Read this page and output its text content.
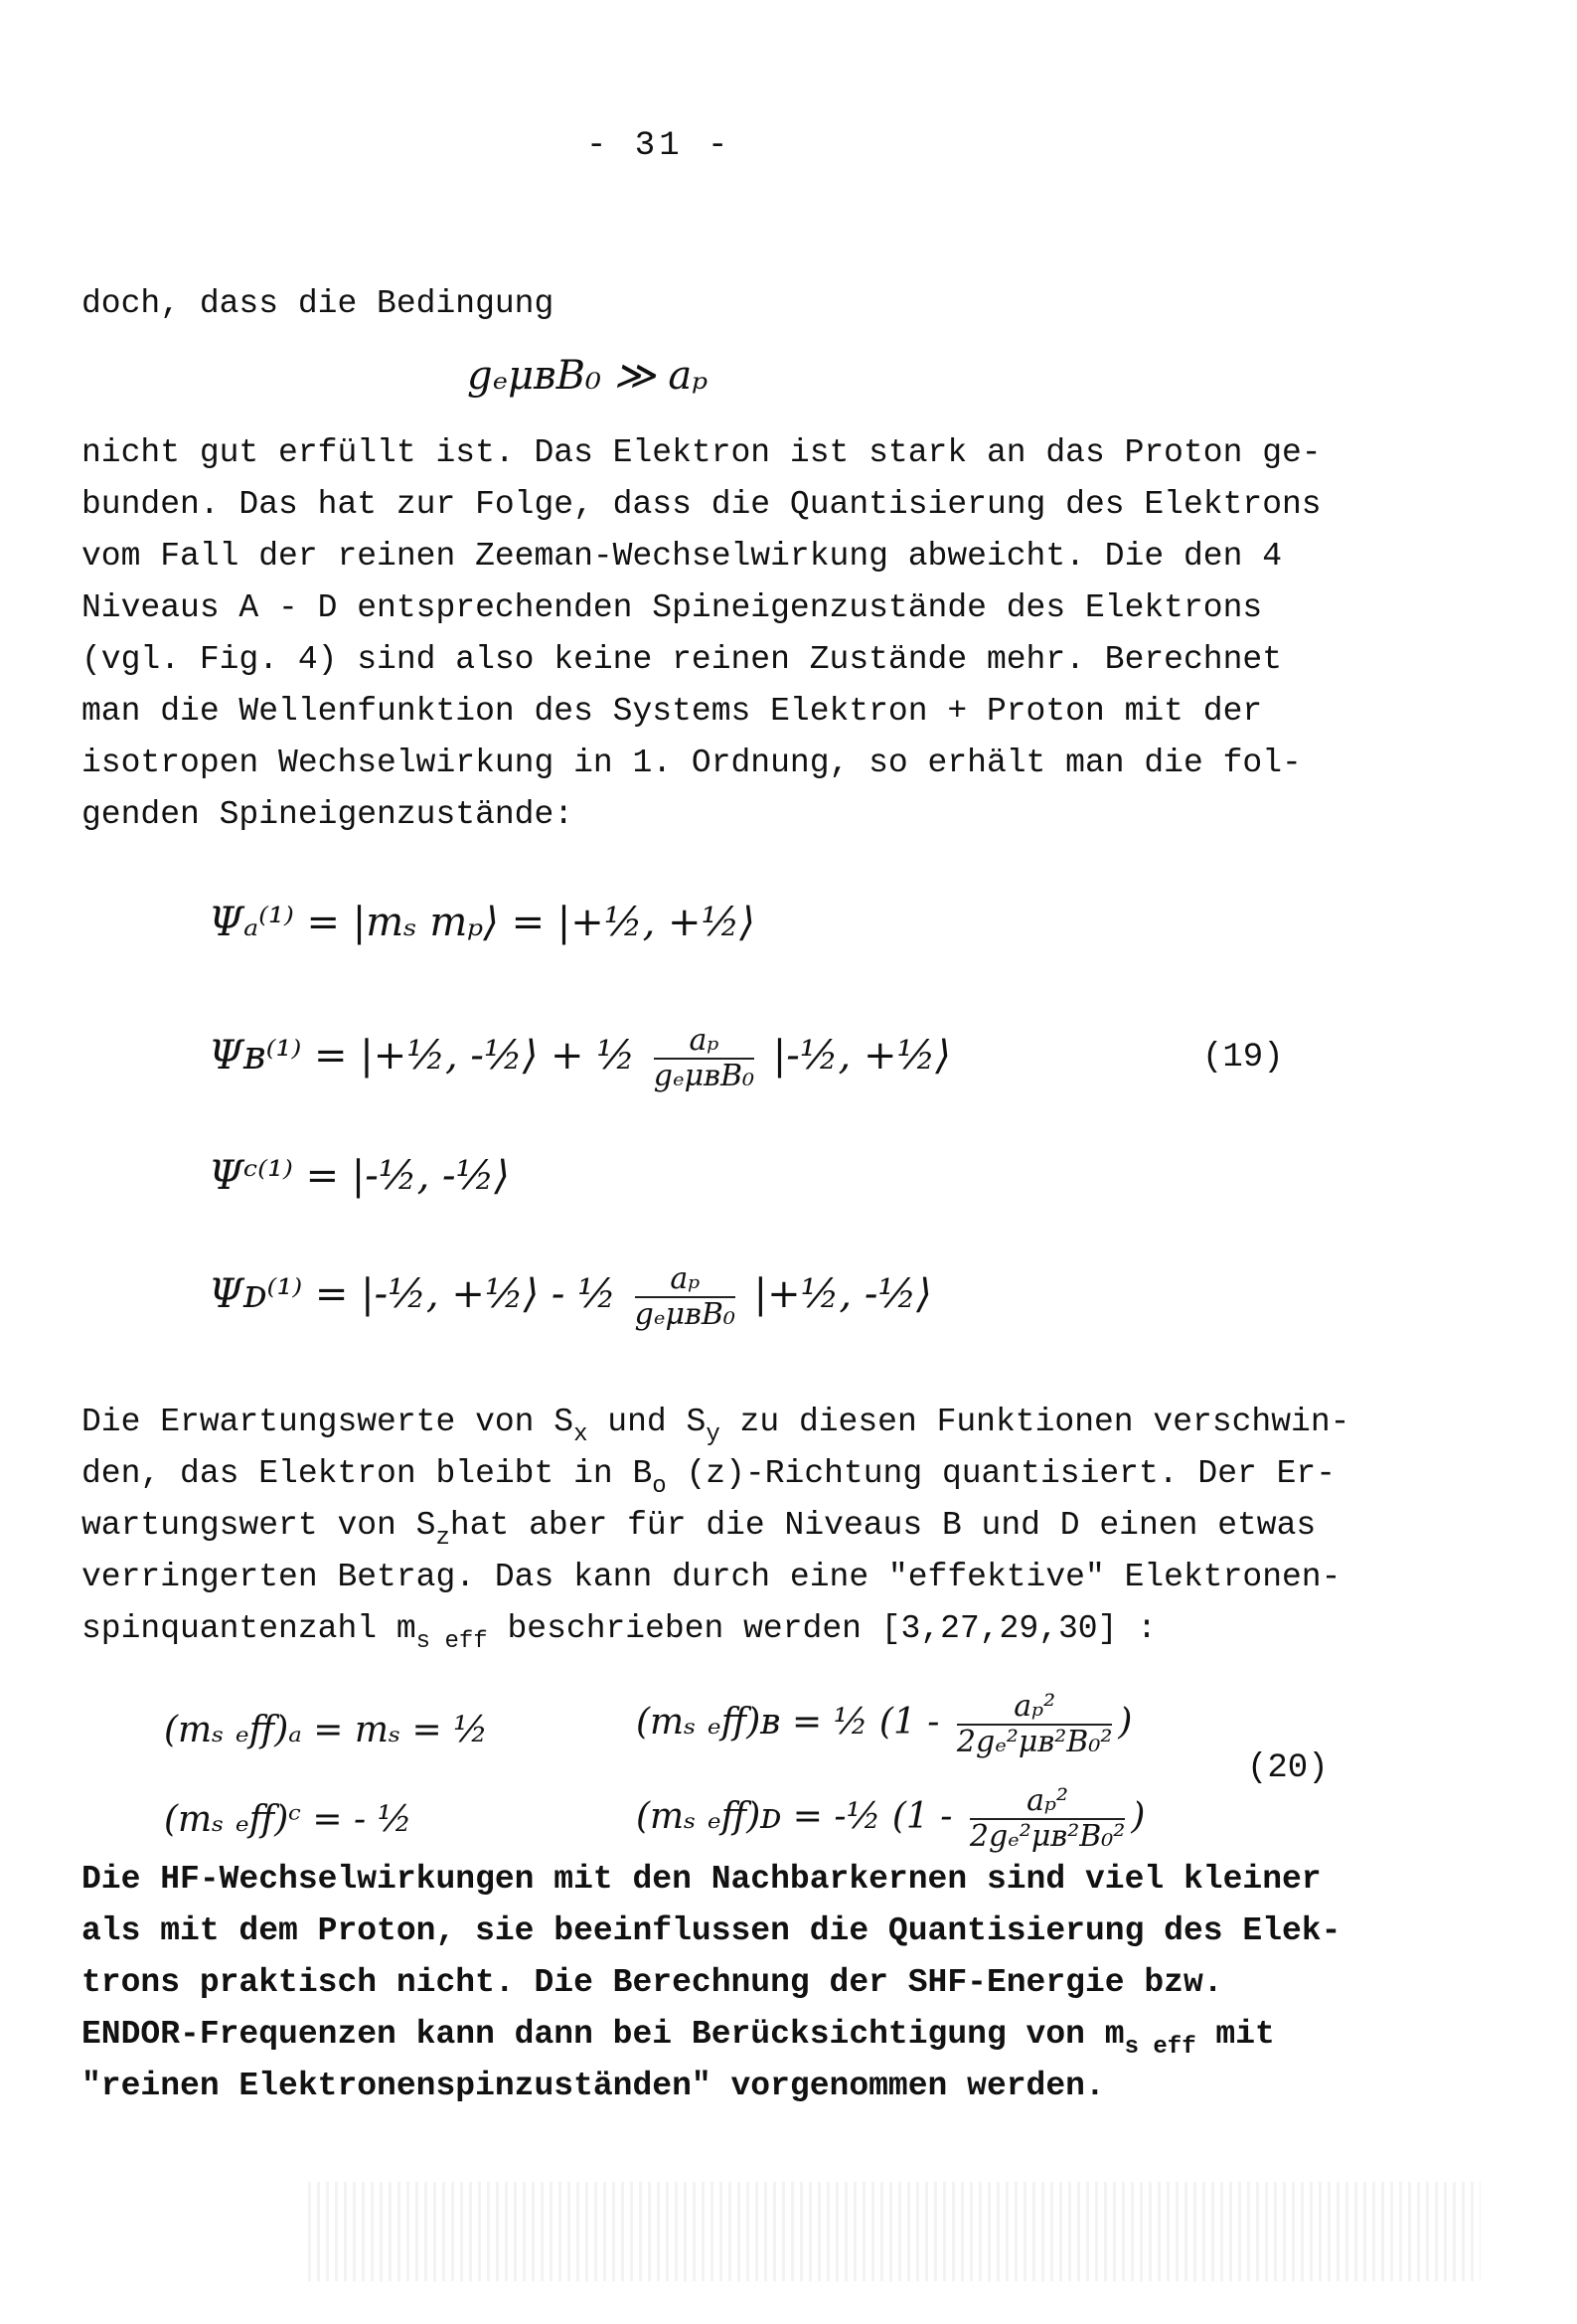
- 31 -
doch, dass die Bedingung
gₑμʙB₀ ≫ aₚ
nicht gut erfüllt ist. Das Elektron ist stark an das Proton ge-
bunden. Das hat zur Folge, dass die Quantisierung des Elektrons
vom Fall der reinen Zeeman-Wechselwirkung abweicht. Die den 4
Niveaus A - D entsprechenden Spineigenzustände des Elektrons
(vgl. Fig. 4) sind also keine reinen Zustände mehr. Berechnet
man die Wellenfunktion des Systems Elektron + Proton mit der
isotropen Wechselwirkung in 1. Ordnung, so erhält man die fol-
genden Spineigenzustände:
Ψₐ⁽¹⁾ = |mₛ mₚ⟩ = |+½, +½⟩
Ψʙ⁽¹⁾ = |+½, -½⟩ + ½ $\frac{\text{aₚ}}{\text{gₑμʙB₀}}$ |-½, +½⟩	(19)
Ψᶜ⁽¹⁾ = |-½, -½⟩
Ψᴅ⁽¹⁾ = |-½, +½⟩ - ½ $\frac{\text{aₚ}}{\text{gₑμʙB₀}}$ |+½, -½⟩
Die Erwartungswerte von $S_x$ und $S_y$ zu diesen Funktionen verschwin-
den, das Elektron bleibt in $B_o$ (z)-Richtung quantisiert. Der Er-
wartungswert von $S_zhat$ aber für die Niveaus B und D einen etwas
verringerten Betrag. Das kann durch eine "effektive" Elektronen-
spinquantenzahl $m_{s eff}$ beschrieben werden [3,27,29,30] :
(mₛ ₑff)ₐ = mₛ = ½	(mₛ ₑff)ʙ = ½ ($1 - \frac{\text{aₚ²}}{\text{2gₑ²μʙ²B₀²}}$ )
(20)
(mₛ ₑff)ᶜ = - ½	(mₛ ₑff)ᴅ = -½ ($1 - \frac{\text{aₚ²}}{\text{2gₑ²μʙ²B₀²}}$ )
Die HF-Wechselwirkungen mit den Nachbarkernen sind viel kleiner
als mit dem Proton, sie beeinflussen die Quantisierung des Elek-
trons praktisch nicht. Die Berechnung der SHF-Energie bzw.
ENDOR-Frequenzen kann dann bei Berücksichtigung von $m_{s eff}$ mit
"reinen Elektronenspinzuständen" vorgenommen werden.
